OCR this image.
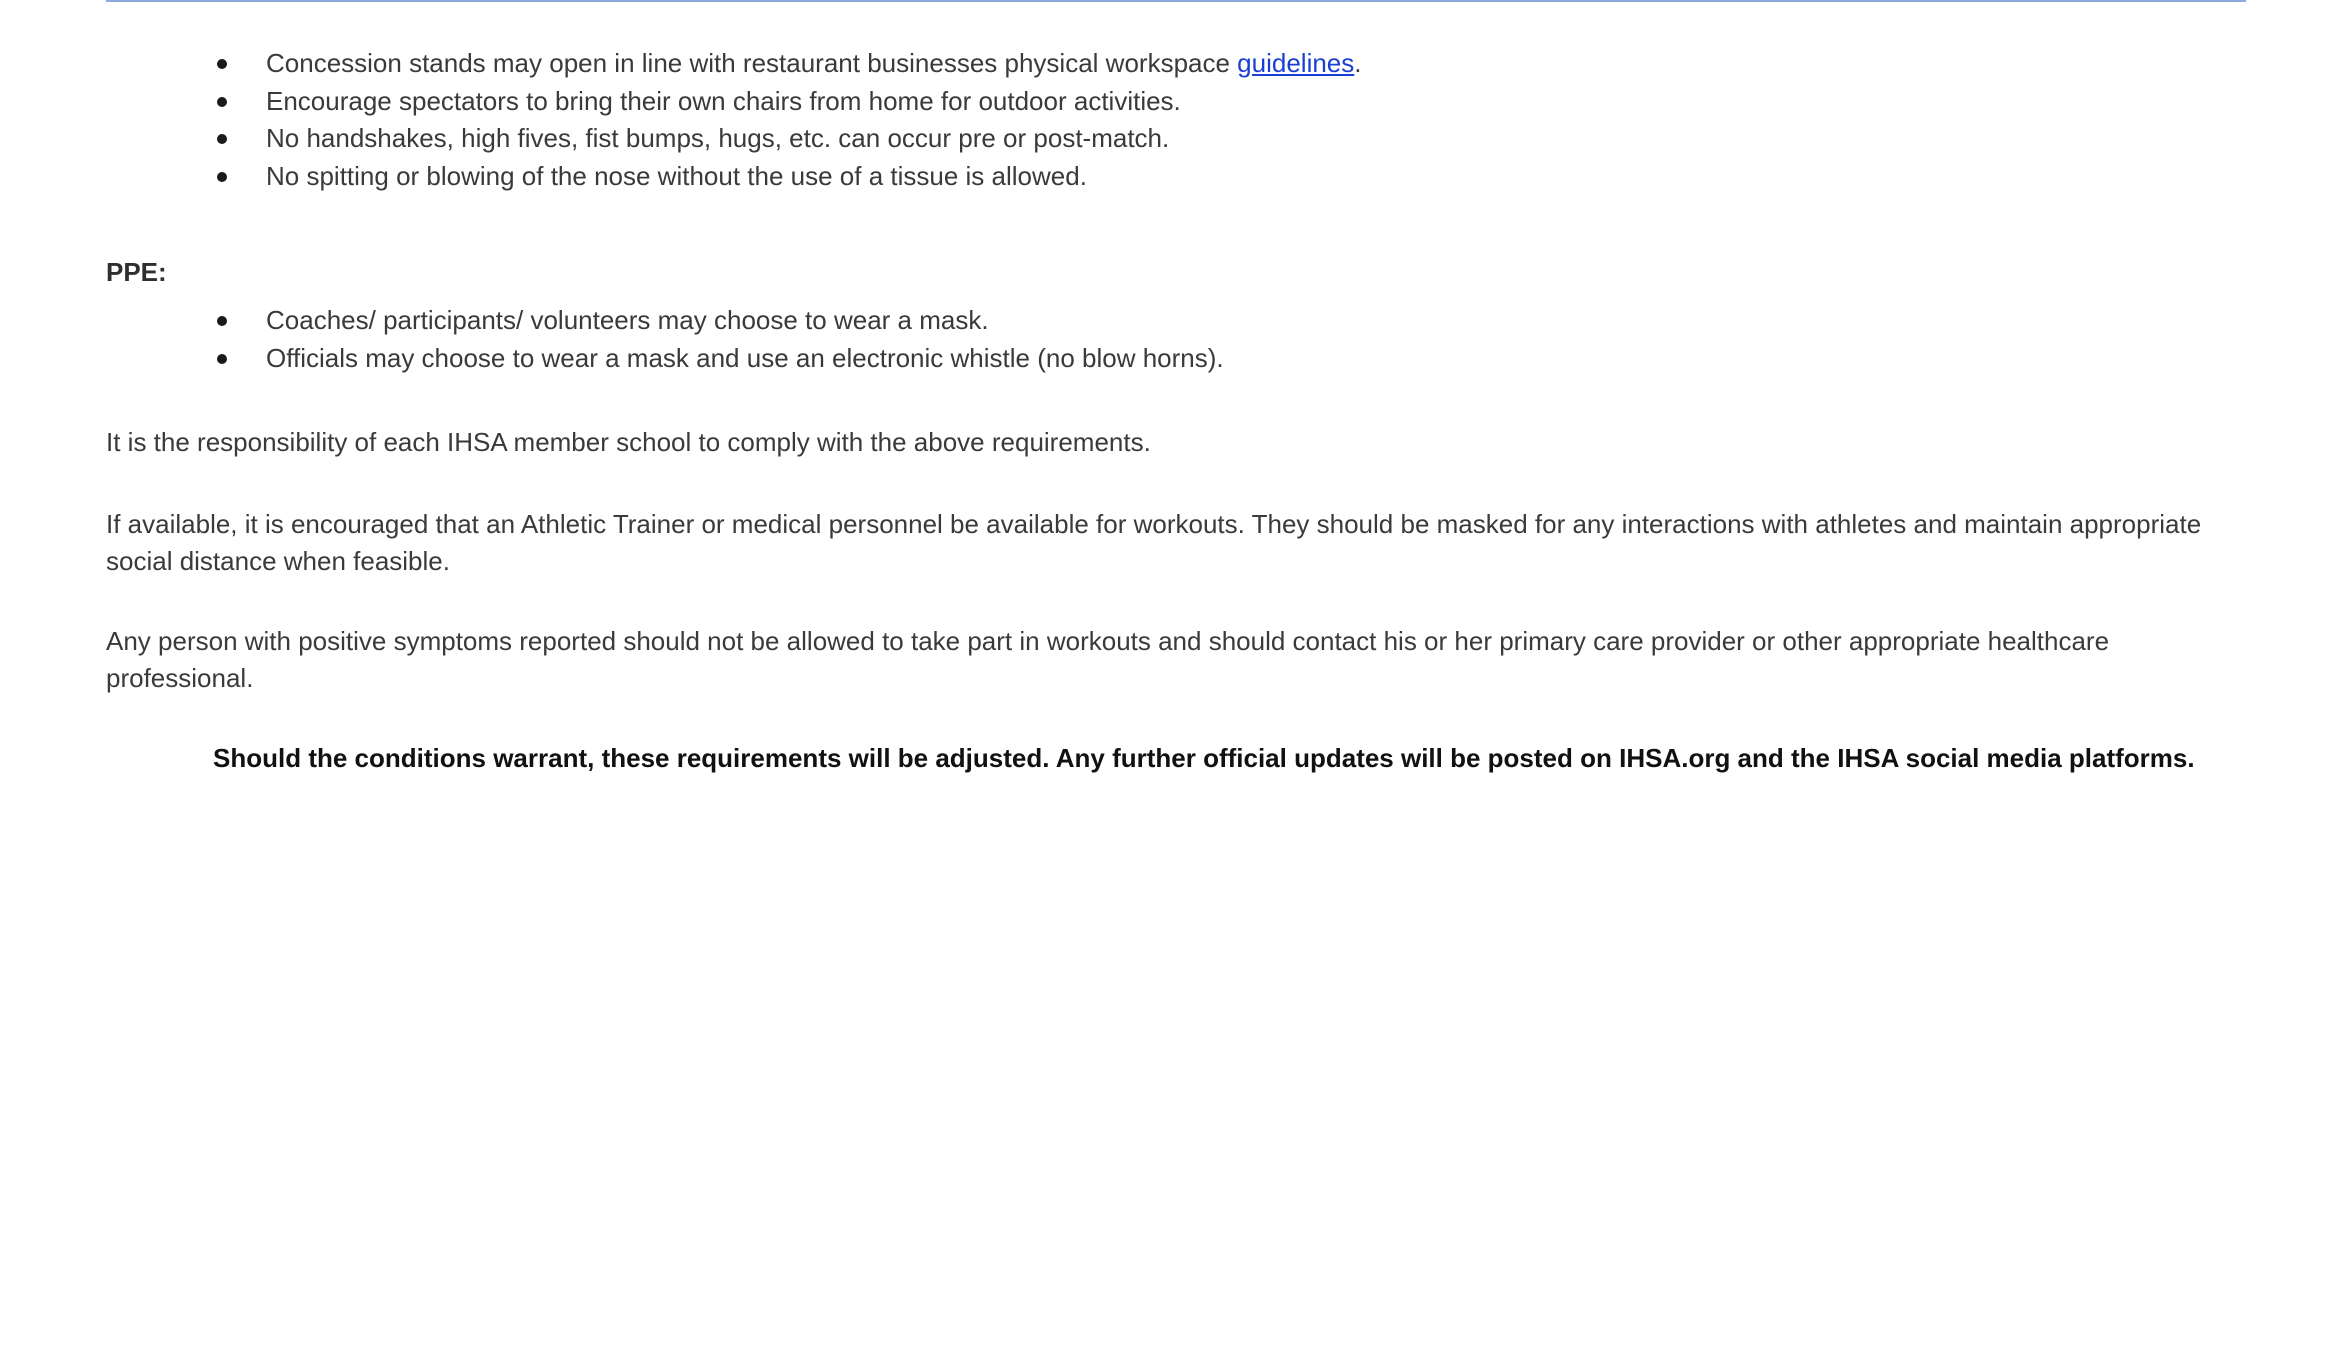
Concession stands may open in line with restaurant businesses physical workspace guidelines.
Encourage spectators to bring their own chairs from home for outdoor activities.
No handshakes, high fives, fist bumps, hugs, etc. can occur pre or post-match.
No spitting or blowing of the nose without the use of a tissue is allowed.
PPE:
Coaches/ participants/ volunteers may choose to wear a mask.
Officials may choose to wear a mask and use an electronic whistle (no blow horns).

It is the responsibility of each IHSA member school to comply with the above requirements.

If available, it is encouraged that an Athletic Trainer or medical personnel be available for workouts. They should be masked for any interactions with athletes and maintain appropriate social distance when feasible.

Any person with positive symptoms reported should not be allowed to take part in workouts and should contact his or her primary care provider or other appropriate healthcare professional.

Should the conditions warrant, these requirements will be adjusted. Any further official updates will be posted on IHSA.org and the IHSA social media platforms.
